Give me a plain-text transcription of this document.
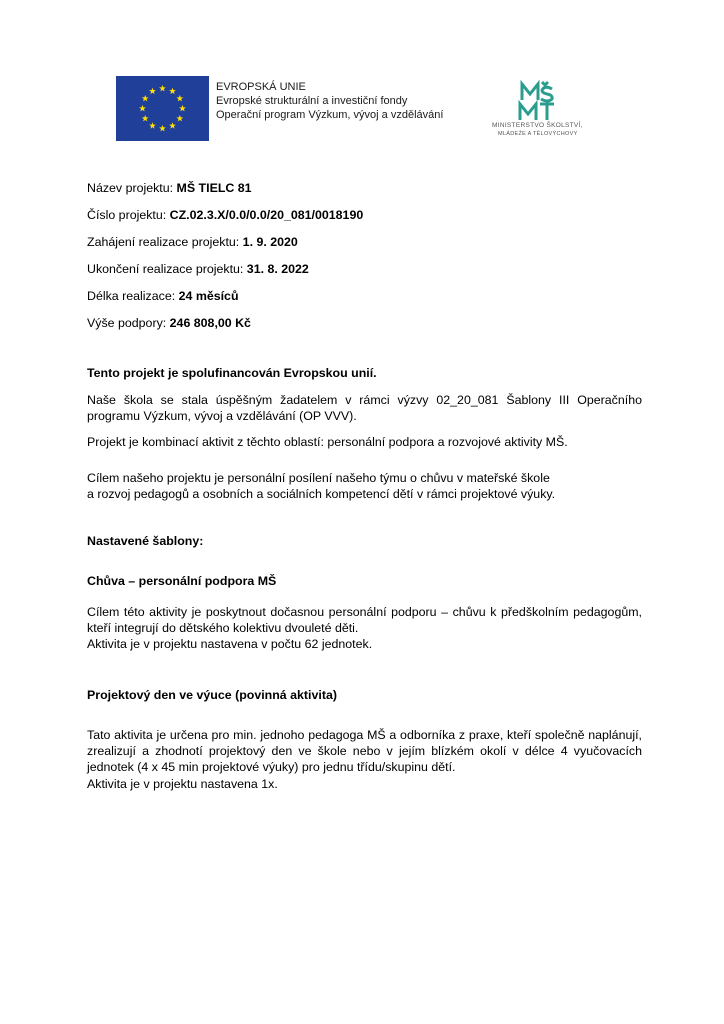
EVROPSKÁ UNIE
Evropské strukturální a investiční fondy
Operační program Výzkum, vývoj a vzdělávání
MINISTERSTVO ŠKOLSTVÍ,
MLÁDEŽE A TĚLOVÝCHOVY
Název projektu: MŠ TIELC 81
Číslo projektu: CZ.02.3.X/0.0/0.0/20_081/0018190
Zahájení realizace projektu: 1. 9. 2020
Ukončení realizace projektu: 31. 8. 2022
Délka realizace: 24 měsíců
Výše podpory: 246 808,00 Kč
Tento projekt je spolufinancován Evropskou unií.

Naše škola se stala úspěšným žadatelem v rámci výzvy 02_20_081 Šablony III Operačního programu Výzkum, vývoj a vzdělávání (OP VVV).

Projekt je kombinací aktivit z těchto oblastí: personální podpora a rozvojové aktivity MŠ.

Cílem našeho projektu je personální posílení našeho týmu o chůvu v mateřské škole
a rozvoj pedagogů a osobních a sociálních kompetencí dětí v rámci projektové výuky.
Nastavené šablony:
Chůva – personální podpora MŠ

Cílem této aktivity je poskytnout dočasnou personální podporu – chůvu k předškolním pedagogům, kteří integrují do dětského kolektivu dvouleté děti.

Aktivita je v projektu nastavena v počtu 62 jednotek.
Projektový den ve výuce (povinná aktivita)

Tato aktivita je určena pro min. jednoho pedagoga MŠ a odborníka z praxe, kteří společně naplánují, zrealizují a zhodnotí projektový den ve škole nebo v jejím blízkém okolí v délce 4 vyučovacích jednotek (4 x 45 min projektové výuky) pro jednu třídu/skupinu dětí.

Aktivita je v projektu nastavena 1x.
